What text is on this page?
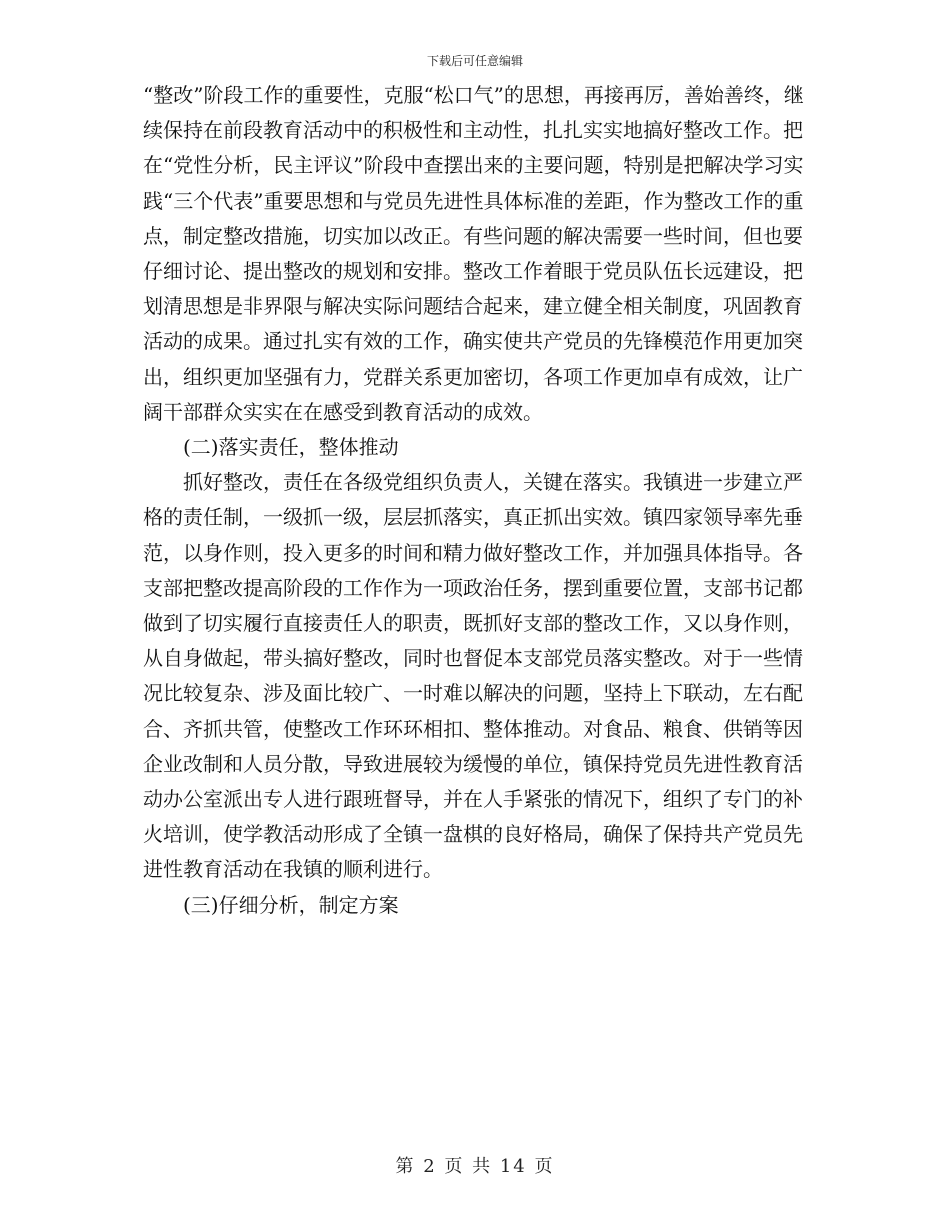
下载后可任意编辑

“整改”阶段工作的重要性，克服“松口气”的思想，再接再厉，善始善终，继续保持在前段教育活动中的积极性和主动性，扎扎实实地搞好整改工作。把在“党性分析，民主评议”阶段中查摆出来的主要问题，特别是把解决学习实践“三个代表”重要思想和与党员先进性具体标准的差距，作为整改工作的重点，制定整改措施，切实加以改正。有些问题的解决需要一些时间，但也要仔细讨论、提出整改的规划和安排。整改工作着眼于党员队伍长远建设，把划清思想是非界限与解决实际问题结合起来，建立健全相关制度，巩固教育活动的成果。通过扎实有效的工作，确实使共产党员的先锋模范作用更加突出，组织更加坚强有力，党群关系更加密切，各项工作更加卓有成效，让广阔干部群众实实在在感受到教育活动的成效。

(二)落实责任，整体推动

抓好整改，责任在各级党组织负责人，关键在落实。我镇进一步建立严格的责任制，一级抓一级，层层抓落实，真正抓出实效。镇四家领导率先垂范，以身作则，投入更多的时间和精力做好整改工作，并加强具体指导。各支部把整改提高阶段的工作作为一项政治任务，摆到重要位置，支部书记都做到了切实履行直接责任人的职责，既抓好支部的整改工作，又以身作则，从自身做起，带头搞好整改，同时也督促本支部党员落实整改。对于一些情况比较复杂、涉及面比较广、一时难以解决的问题，坚持上下联动，左右配合、齐抓共管，使整改工作环环相扣、整体推动。对食品、粮食、供销等因企业改制和人员分散，导致进展较为缓慢的单位，镇保持党员先进性教育活动办公室派出专人进行跟班督导，并在人手紧张的情况下，组织了专门的补火培训，使学教活动形成了全镇一盘棋的良好格局，确保了保持共产党员先进性教育活动在我镇的顺利进行。

(三)仔细分析，制定方案

第 2 页 共 14 页
